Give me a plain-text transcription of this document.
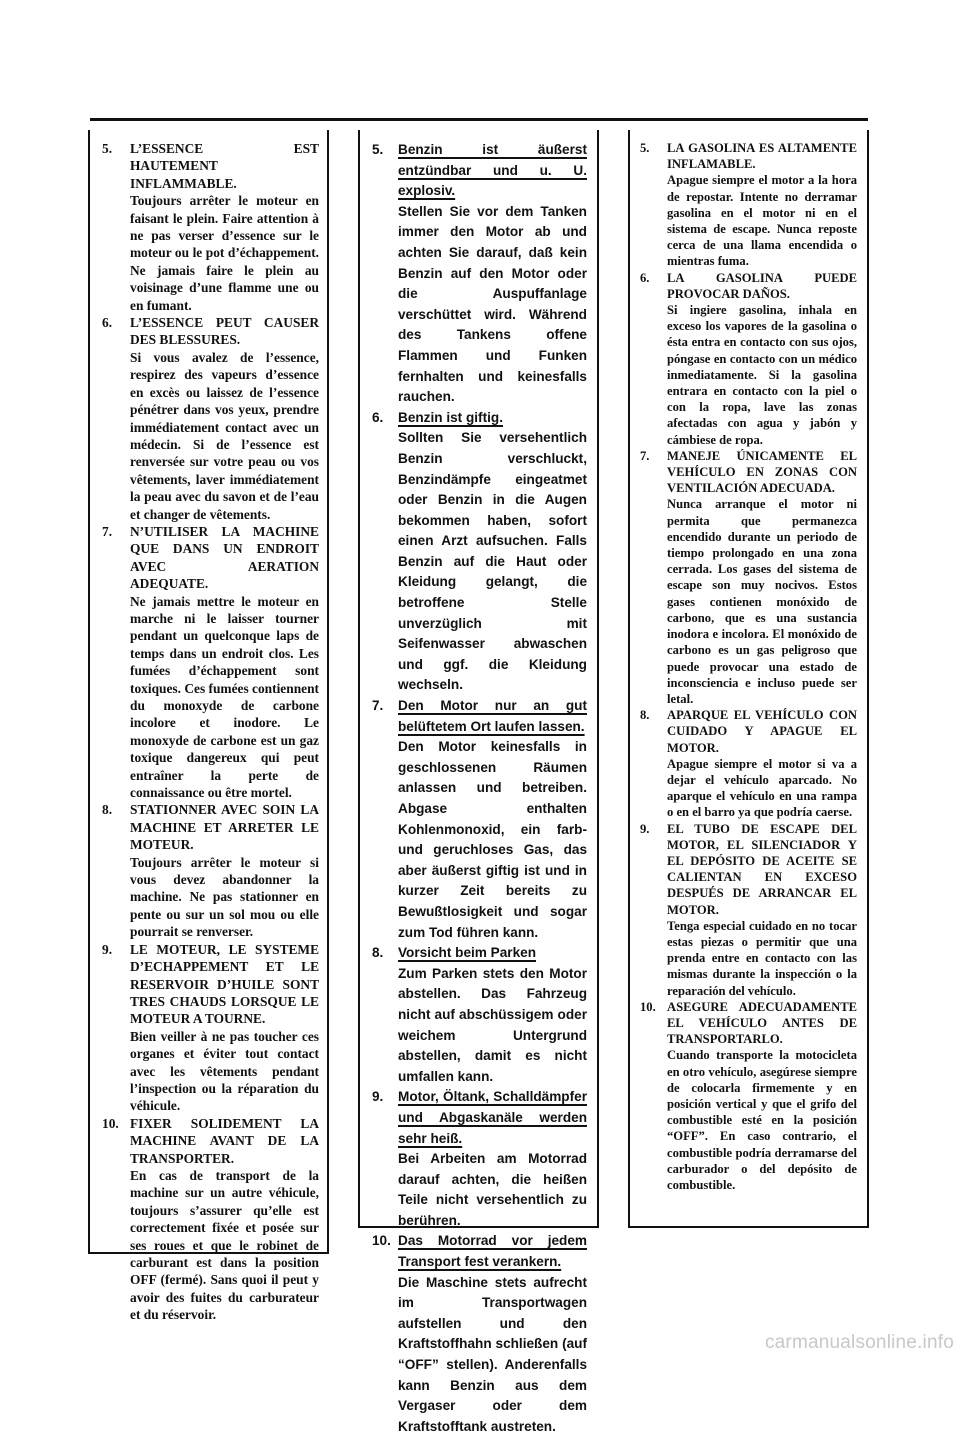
5.	L’ESSENCE EST HAUTEMENT INFLAMMABLE.

Toujours arrêter le moteur en faisant le plein. Faire attention à ne pas verser d’essence sur le moteur ou le pot d’échappement. Ne jamais faire le plein au voisinage d’une flamme une ou en fumant.

6.	L’ESSENCE PEUT CAUSER DES BLESSURES.

Si vous avalez de l’essence, respirez des vapeurs d’essence en excès ou laissez de l’essence pénétrer dans vos yeux, prendre immédiatement contact avec un médecin. Si de l’essence est renversée sur votre peau ou vos vêtements, laver immédiatement la peau avec du savon et de l’eau et changer de vêtements.

7.	N’UTILISER LA MACHINE QUE DANS UN ENDROIT AVEC AERATION ADEQUATE.

Ne jamais mettre le moteur en marche ni le laisser tourner pendant un quelconque laps de temps dans un endroit clos. Les fumées d’échappement sont toxiques. Ces fumées contiennent du monoxyde de carbone incolore et inodore. Le monoxyde de carbone est un gaz toxique dangereux qui peut entraîner la perte de connaissance ou être mortel.

8.	STATIONNER AVEC SOIN LA MACHINE ET ARRETER LE MOTEUR.

Toujours arrêter le moteur si vous devez abandonner la machine. Ne pas stationner en pente ou sur un sol mou ou elle pourrait se renverser.

9.	LE MOTEUR, LE SYSTEME D’ECHAPPEMENT ET LE RESERVOIR D’HUILE SONT TRES CHAUDS LORSQUE LE MOTEUR A TOURNE.

Bien veiller à ne pas toucher ces organes et éviter tout contact avec les vêtements pendant l’inspection ou la réparation du véhicule.

10. FIXER SOLIDEMENT LA MACHINE AVANT DE LA TRANSPORTER.

En cas de transport de la machine sur un autre véhicule, toujours s’assurer qu’elle est correctement fixée et posée sur ses roues et que le robinet de carburant est dans la position OFF (fermé). Sans quoi il peut y avoir des fuites du carburateur et du réservoir.

5.	Benzin ist äußerst entzündbar und u. U. explosiv.

Stellen Sie vor dem Tanken immer den Motor ab und achten Sie darauf, daß kein Benzin auf den Motor oder die Auspuffanlage verschüttet wird. Während des Tankens offene Flammen und Funken fernhalten und keinesfalls rauchen.

6.	Benzin ist giftig.

Sollten Sie versehentlich Benzin verschluckt, Benzindämpfe eingeatmet oder Benzin in die Augen bekommen haben, sofort einen Arzt aufsuchen. Falls Benzin auf die Haut oder Kleidung gelangt, die betroffene Stelle unverzüglich mit Seifenwasser abwaschen und ggf. die Kleidung wechseln.

7.	Den Motor nur an gut belüftetem Ort laufen lassen.

Den Motor keinesfalls in geschlossenen Räumen anlassen und betreiben. Abgase enthalten Kohlenmonoxid, ein farb- und geruchloses Gas, das aber äußerst giftig ist und in kurzer Zeit bereits zu Bewußtlosigkeit und sogar zum Tod führen kann.

8.	Vorsicht beim Parken

Zum Parken stets den Motor abstellen. Das Fahrzeug nicht auf abschüssigem oder weichem Untergrund abstellen, damit es nicht umfallen kann.

9.	Motor, Öltank, Schalldämpfer und Abgaskanäle werden sehr heiß.

Bei Arbeiten am Motorrad darauf achten, die heißen Teile nicht versehentlich zu berühren.

10. Das Motorrad vor jedem Transport fest verankern.

Die Maschine stets aufrecht im Transportwagen aufstellen und den Kraftstoffhahn schließen (auf “OFF” stellen). Anderenfalls kann Benzin aus dem Vergaser oder dem Kraftstofftank austreten.

5.	LA GASOLINA ES ALTAMENTE INFLAMABLE.

Apague siempre el motor a la hora de repostar. Intente no derramar gasolina en el motor ni en el sistema de escape. Nunca reposte cerca de una llama encendida o mientras fuma.

6.	LA GASOLINA PUEDE PROVOCAR DAÑOS.

Si ingiere gasolina, inhala en exceso los vapores de la gasolina o ésta entra en contacto con sus ojos, póngase en contacto con un médico inmediatamente. Si la gasolina entrara en contacto con la piel o con la ropa, lave las zonas afectadas con agua y jabón y cámbiese de ropa.

7.	MANEJE ÚNICAMENTE EL VEHÍCULO EN ZONAS CON VENTILACIÓN ADECUADA.

Nunca arranque el motor ni permita que permanezca encendido durante un periodo de tiempo prolongado en una zona cerrada. Los gases del sistema de escape son muy nocivos. Estos gases contienen monóxido de carbono, que es una sustancia inodora e incolora. El monóxido de carbono es un gas peligroso que puede provocar una estado de inconsciencia e incluso puede ser letal.

8.	APARQUE EL VEHÍCULO CON CUIDADO Y APAGUE EL MOTOR.

Apague siempre el motor si va a dejar el vehículo aparcado. No aparque el vehículo en una rampa o en el barro ya que podría caerse.

9.	EL TUBO DE ESCAPE DEL MOTOR, EL SILENCIADOR Y EL DEPÓSITO DE ACEITE SE CALIENTAN EN EXCESO DESPUÉS DE ARRANCAR EL MOTOR.

Tenga especial cuidado en no tocar estas piezas o permitir que una prenda entre en contacto con las mismas durante la inspección o la reparación del vehículo.

10. ASEGURE ADECUADAMENTE EL VEHÍCULO ANTES DE TRANSPORTARLO.

Cuando transporte la motocicleta en otro vehículo, asegúrese siempre de colocarla firmemente y en posición vertical y que el grifo del combustible esté en la posición “OFF”. En caso contrario, el combustible podría derramarse del carburador o del depósito de combustible.

carmanualsonline.info
